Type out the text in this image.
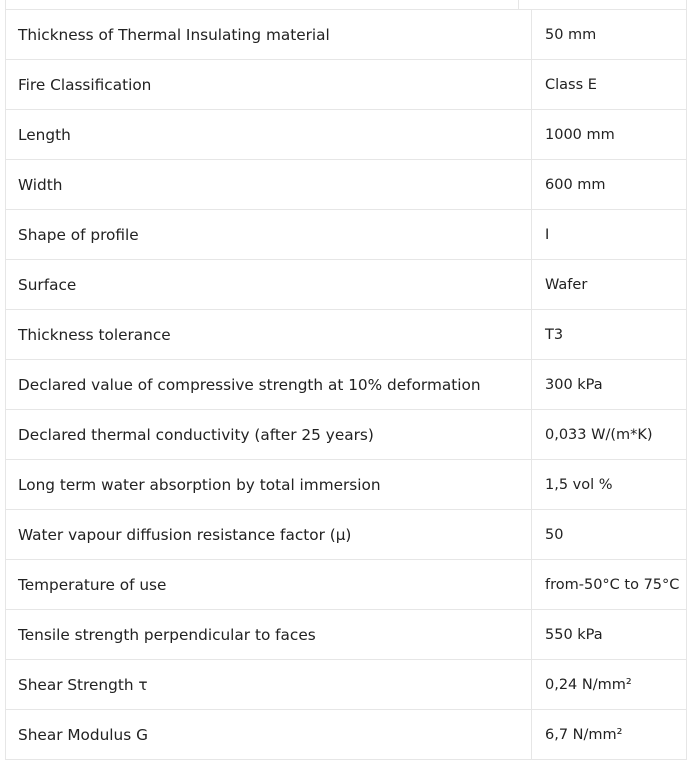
Thickness of Thermal Insulating material	50 mm
Fire Classification	Class E
Length	1000 mm
Width	600 mm
Shape of profile	I
Surface	Wafer
Thickness tolerance	T3
Declared value of compressive strength at 10% deformation	300 kPa
Declared thermal conductivity (after 25 years)	0,033 W/(m*K)
Long term water absorption by total immersion	1,5 vol %
Water vapour diffusion resistance factor (μ)	50
Temperature of use	from-50°C to 75°C
Tensile strength perpendicular to faces	550 kPa
Shear Strength τ	0,24 N/mm²
Shear Modulus G	6,7 N/mm²
